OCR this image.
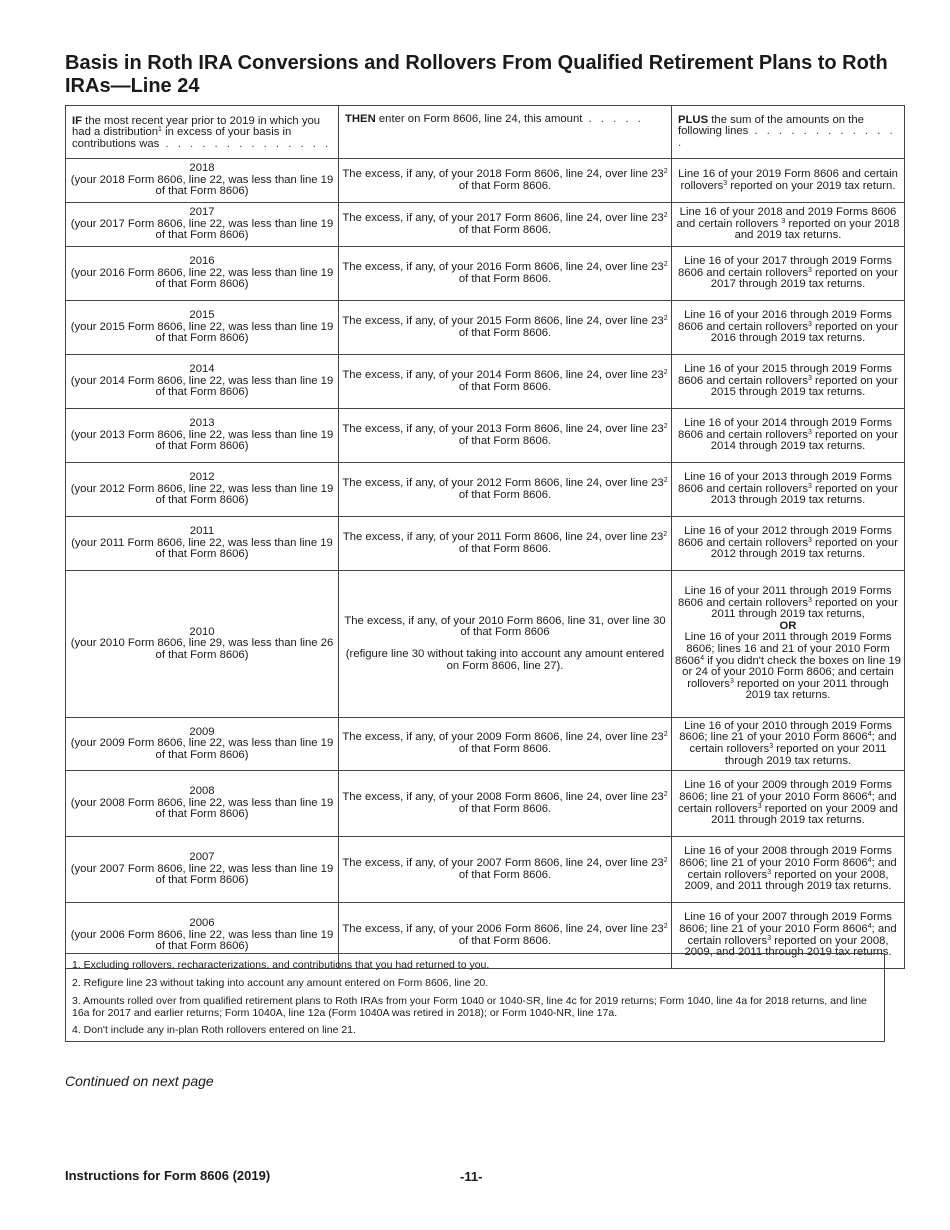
Basis in Roth IRA Conversions and Rollovers From Qualified Retirement Plans to Roth IRAs—Line 24
IF the most recent year prior to 2019 in which you had a distribution$^1$ in excess of your basis in contributions was . . . . . . . . . . . . . .	THEN enter on Form 8606, line 24, this amount . . . . .	PLUS the sum of the amounts on the following lines . . . . . . . . . . . . .
2018
(your 2018 Form 8606, line 22, was less than line 19 of that Form 8606)	The excess, if any, of your 2018 Form 8606, line 24, over line $23^2$ of that Form 8606.	Line 16 of your 2019 Form 8606 and certain rollovers$^3$ reported on your 2019 tax return.
2017
(your 2017 Form 8606, line 22, was less than line 19 of that Form 8606)	The excess, if any, of your 2017 Form 8606, line 24, over line $23^2$ of that Form 8606.	Line 16 of your 2018 and 2019 Forms 8606 and certain rollovers $^3$ reported on your 2018 and 2019 tax returns.
2016
(your 2016 Form 8606, line 22, was less than line 19 of that Form 8606)	The excess, if any, of your 2016 Form 8606, line 24, over line $23^2$ of that Form 8606.	Line 16 of your 2017 through 2019 Forms 8606 and certain rollovers$^3$ reported on your 2017 through 2019 tax returns.
2015
(your 2015 Form 8606, line 22, was less than line 19 of that Form 8606)	The excess, if any, of your 2015 Form 8606, line 24, over line $23^2$ of that Form 8606.	Line 16 of your 2016 through 2019 Forms 8606 and certain rollovers$^3$ reported on your 2016 through 2019 tax returns.
2014
(your 2014 Form 8606, line 22, was less than line 19 of that Form 8606)	The excess, if any, of your 2014 Form 8606, line 24, over line $23^2$ of that Form 8606.	Line 16 of your 2015 through 2019 Forms 8606 and certain rollovers$^3$ reported on your 2015 through 2019 tax returns.
2013
(your 2013 Form 8606, line 22, was less than line 19 of that Form 8606)	The excess, if any, of your 2013 Form 8606, line 24, over line $23^2$ of that Form 8606.	Line 16 of your 2014 through 2019 Forms 8606 and certain rollovers$^3$ reported on your 2014 through 2019 tax returns.
2012
(your 2012 Form 8606, line 22, was less than line 19 of that Form 8606)	The excess, if any, of your 2012 Form 8606, line 24, over line $23^2$ of that Form 8606.	Line 16 of your 2013 through 2019 Forms 8606 and certain rollovers$^3$ reported on your 2013 through 2019 tax returns.
2011
(your 2011 Form 8606, line 22, was less than line 19 of that Form 8606)	The excess, if any, of your 2011 Form 8606, line 24, over line $23^2$ of that Form 8606.	Line 16 of your 2012 through 2019 Forms 8606 and certain rollovers$^3$ reported on your 2012 through 2019 tax returns.
2010
(your 2010 Form 8606, line 29, was less than line 26 of that Form 8606)	The excess, if any, of your 2010 Form 8606, line 31, over line 30 of that Form 8606
(refigure line 30 without taking into account any amount entered on Form 8606, line 27).	Line 16 of your 2011 through 2019 Forms 8606 and certain rollovers$^3$ reported on your 2011 through 2019 tax returns,
OR
Line 16 of your 2011 through 2019 Forms 8606; lines 16 and 21 of your 2010 Form 8606$^4$ if you didn't check the boxes on line 19 or 24 of your 2010 Form 8606; and certain rollovers$^3$ reported on your 2011 through 2019 tax returns.
2009
(your 2009 Form 8606, line 22, was less than line 19 of that Form 8606)	The excess, if any, of your 2009 Form 8606, line 24, over line $23^2$ of that Form 8606.	Line 16 of your 2010 through 2019 Forms 8606; line 21 of your 2010 Form 8606$^4$; and certain rollovers$^3$ reported on your 2011 through 2019 tax returns.
2008
(your 2008 Form 8606, line 22, was less than line 19 of that Form 8606)	The excess, if any, of your 2008 Form 8606, line 24, over line $23^2$ of that Form 8606.	Line 16 of your 2009 through 2019 Forms 8606; line 21 of your 2010 Form 8606$^4$; and certain rollovers$^3$ reported on your 2009 and 2011 through 2019 tax returns.
2007
(your 2007 Form 8606, line 22, was less than line 19 of that Form 8606)	The excess, if any, of your 2007 Form 8606, line 24, over line $23^2$ of that Form 8606.	Line 16 of your 2008 through 2019 Forms 8606; line 21 of your 2010 Form 8606$^4$; and certain rollovers$^3$ reported on your 2008, 2009, and 2011 through 2019 tax returns.
2006
(your 2006 Form 8606, line 22, was less than line 19 of that Form 8606)	The excess, if any, of your 2006 Form 8606, line 24, over line $23^2$ of that Form 8606.	Line 16 of your 2007 through 2019 Forms 8606; line 21 of your 2010 Form 8606$^4$; and certain rollovers$^3$ reported on your 2008, 2009, and 2011 through 2019 tax returns.
1. Excluding rollovers, recharacterizations, and contributions that you had returned to you.
2. Refigure line 23 without taking into account any amount entered on Form 8606, line 20.
3. Amounts rolled over from qualified retirement plans to Roth IRAs from your Form 1040 or 1040-SR, line 4c for 2019 returns; Form 1040, line 4a for 2018 returns, and line 16a for 2017 and earlier returns; Form 1040A, line 12a (Form 1040A was retired in 2018); or Form 1040-NR, line 17a.
4. Don't include any in-plan Roth rollovers entered on line 21.
Continued on next page
Instructions for Form 8606 (2019)	-11-
